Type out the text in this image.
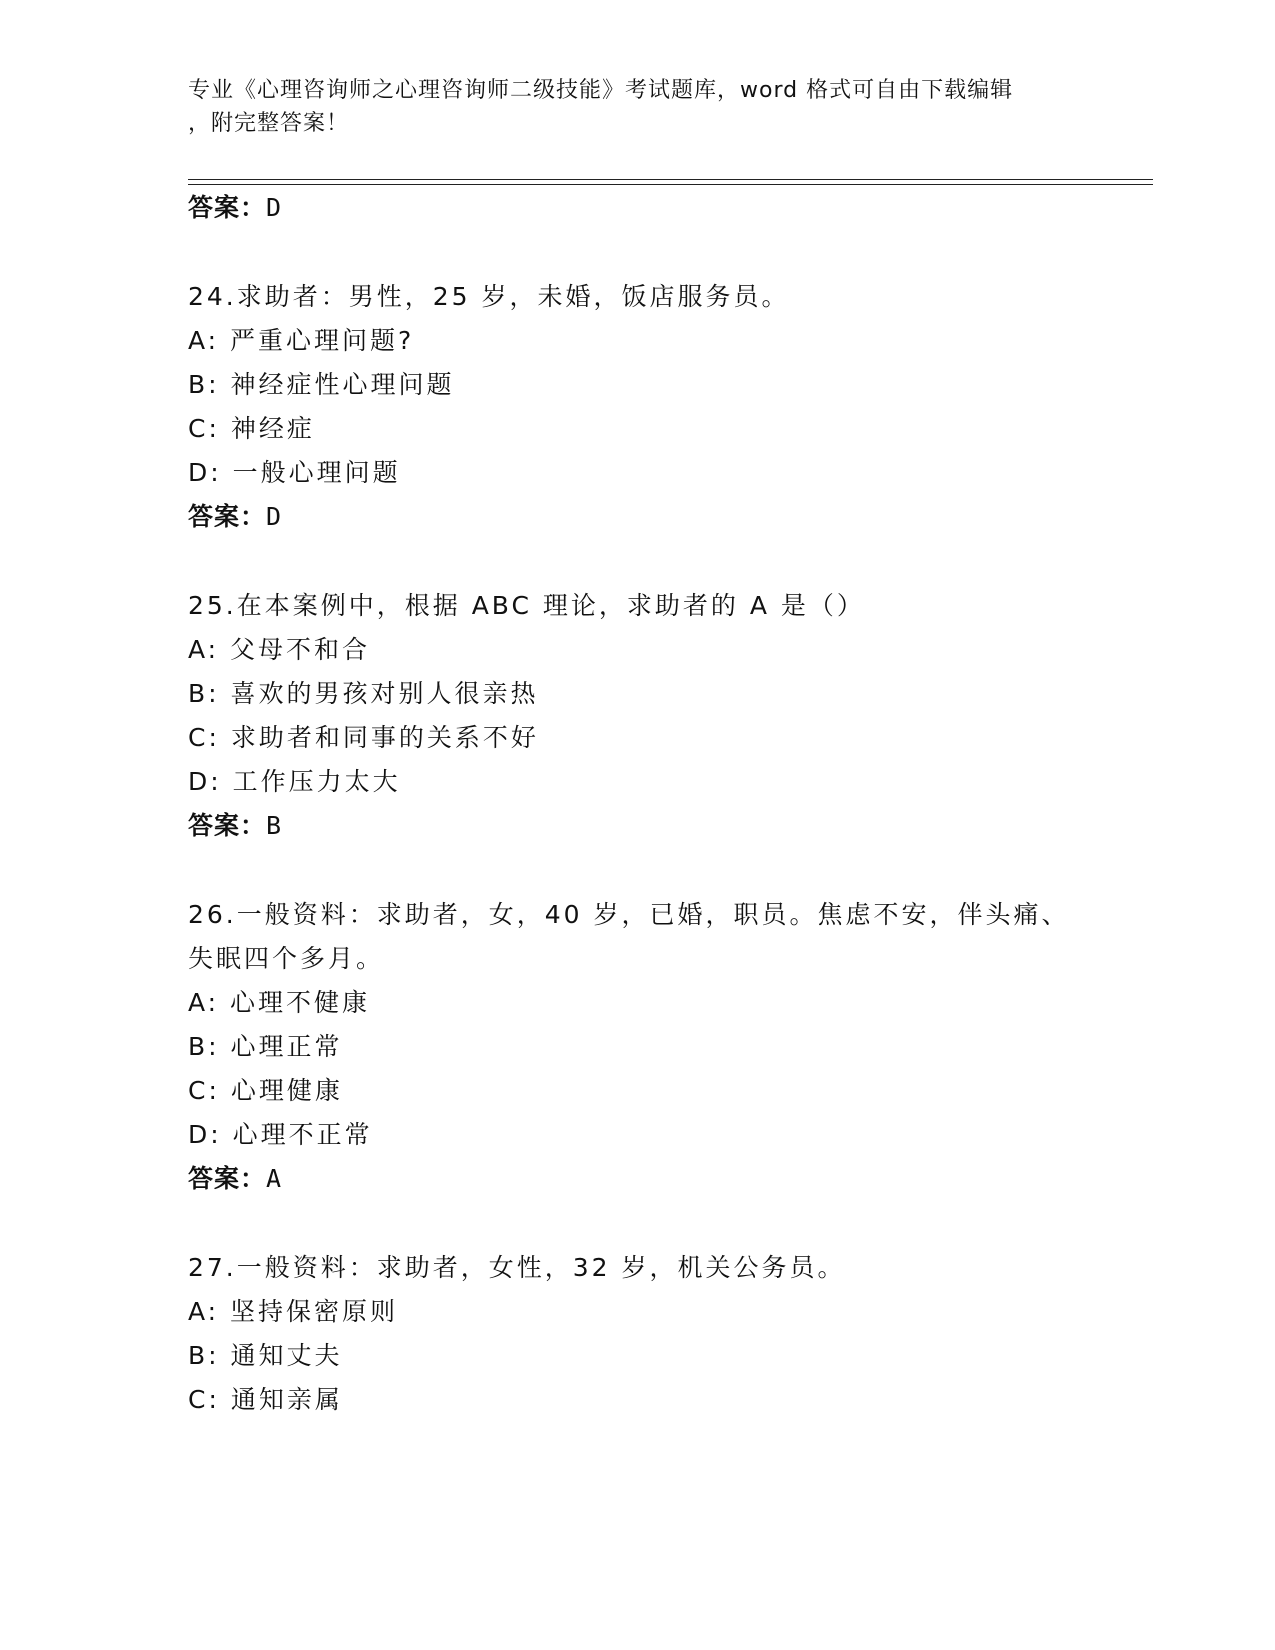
专业《心理咨询师之心理咨询师二级技能》考试题库，word 格式可自由下载编辑

，附完整答案！
答案：D
24.求助者：男性，25 岁，未婚，饭店服务员。
A: 严重心理问题?
B: 神经症性心理问题
C: 神经症
D: 一般心理问题
答案：D
25.在本案例中，根据 ABC 理论，求助者的 A 是（）
A: 父母不和合
B: 喜欢的男孩对别人很亲热
C: 求助者和同事的关系不好
D: 工作压力太大
答案：B
26.一般资料：求助者，女，40 岁，已婚，职员。焦虑不安，伴头痛、
失眠四个多月。
A: 心理不健康
B: 心理正常
C: 心理健康
D: 心理不正常
答案：A
27.一般资料：求助者，女性，32 岁，机关公务员。
A: 坚持保密原则
B: 通知丈夫
C: 通知亲属
